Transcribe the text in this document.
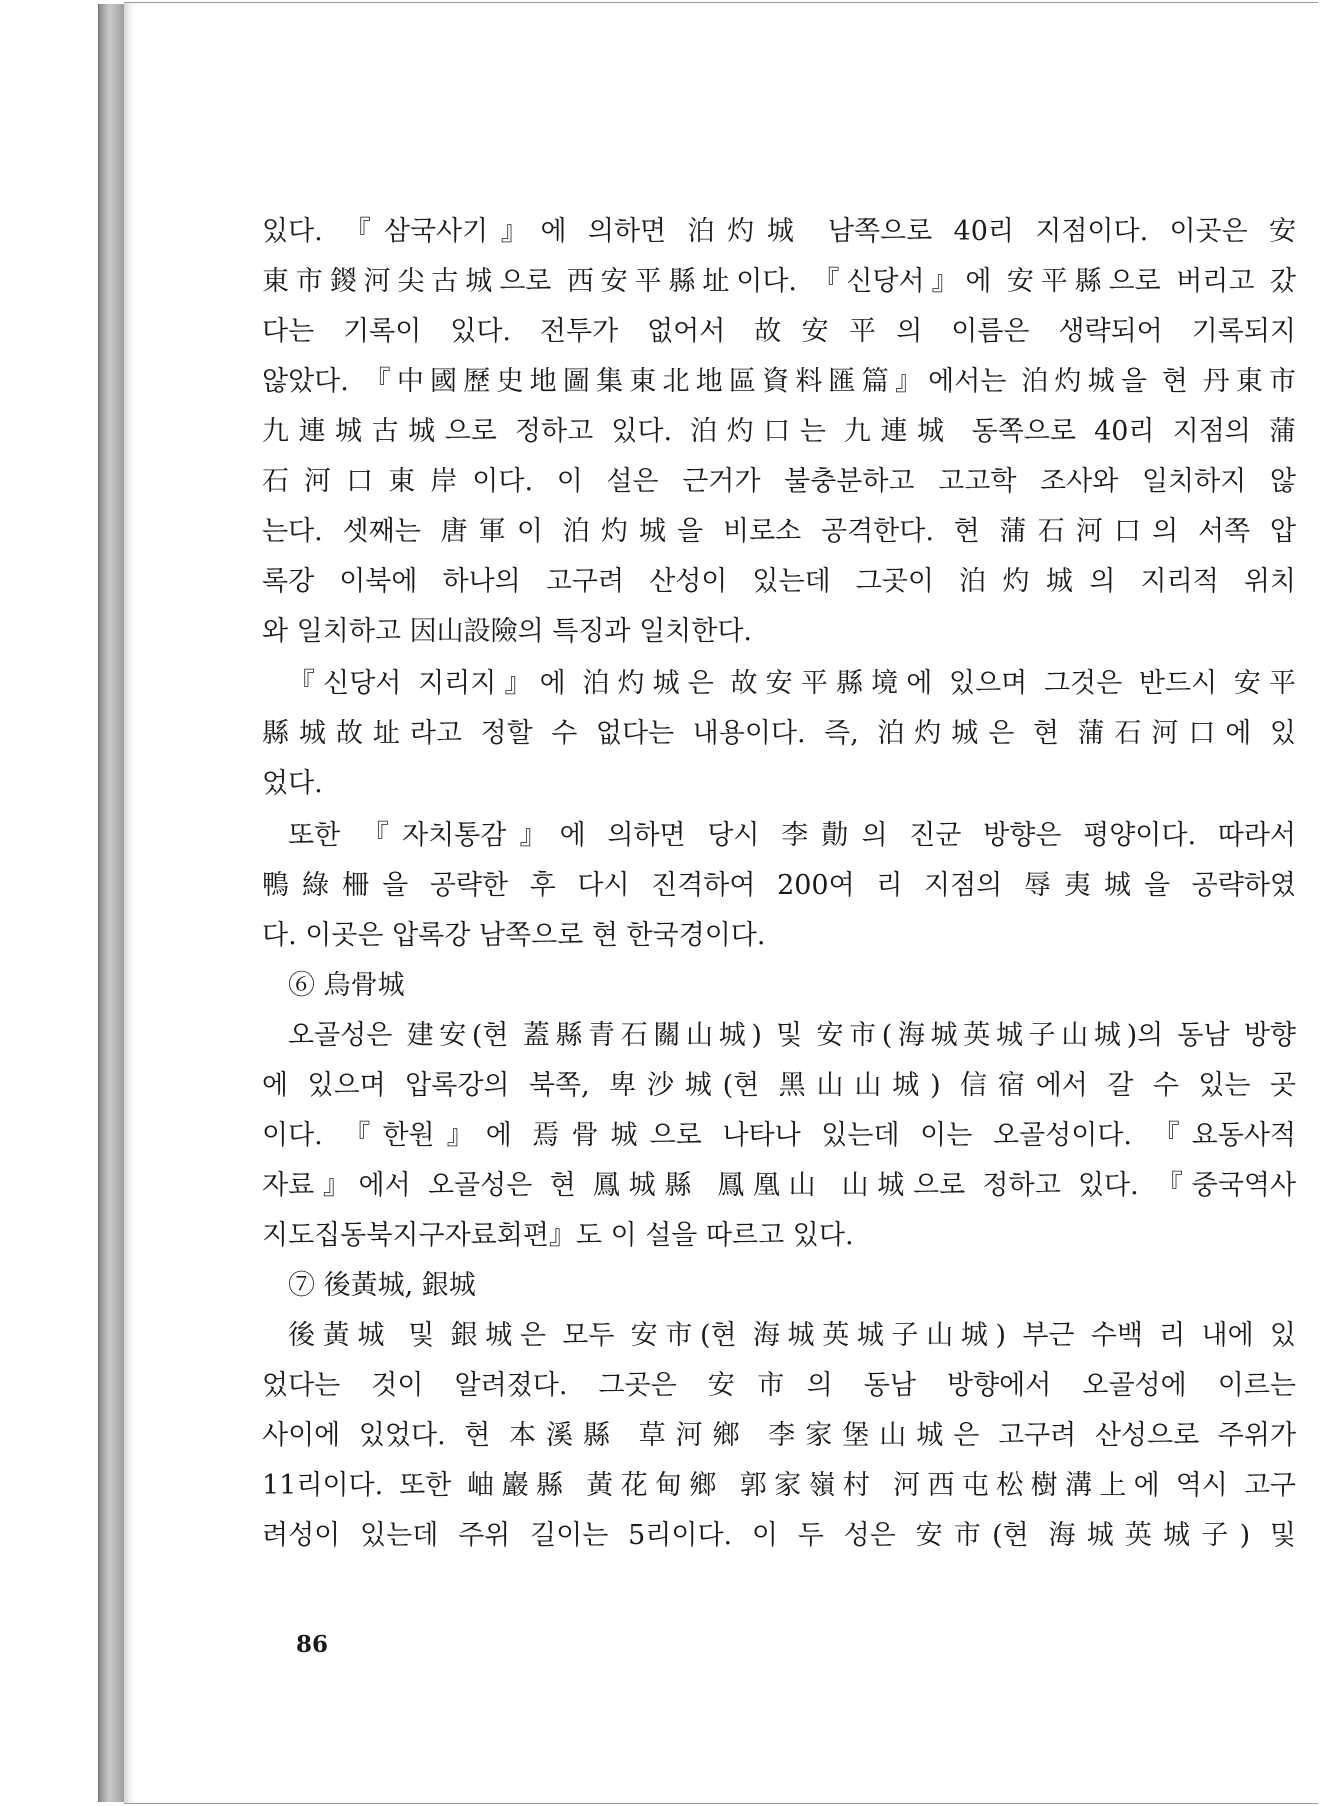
있다. 『삼국사기』에 의하면 泊灼城 남쪽으로 40리 지점이다. 이곳은 安
東市鍐河尖古城으로 西安平縣址이다. 『신당서』에 安平縣으로 버리고 갔
다는 기록이 있다. 전투가 없어서 故安平의 이름은 생략되어 기록되지
않았다. 『中國歷史地圖集東北地區資料匯篇』에서는 泊灼城을 현 丹東市
九連城古城으로 정하고 있다. 泊灼口는 九連城 동쪽으로 40리 지점의 蒲
石河口東岸이다. 이 설은 근거가 불충분하고 고고학 조사와 일치하지 않
는다. 셋째는 唐軍이 泊灼城을 비로소 공격한다. 현 蒲石河口의 서쪽 압
록강 이북에 하나의 고구려 산성이 있는데 그곳이 泊灼城의 지리적 위치
와 일치하고 因山設險의 특징과 일치한다.
『신당서 지리지』에 泊灼城은 故安平縣境에 있으며 그것은 반드시 安平
縣城故址라고 정할 수 없다는 내용이다. 즉, 泊灼城은 현 蒲石河口에 있
었다.
또한 『자치통감』에 의하면 당시 李勣의 진군 방향은 평양이다. 따라서
鴨綠柵을 공략한 후 다시 진격하여 200여 리 지점의 辱夷城을 공략하였
다. 이곳은 압록강 남쪽으로 현 한국경이다.
⑥ 烏骨城
오골성은 建安(현 蓋縣青石關山城) 및 安市(海城英城子山城)의 동남 방향
에 있으며 압록강의 북쪽, 卑沙城(현 黑山山城) 信宿에서 갈 수 있는 곳
이다. 『한원』에 焉骨城으로 나타나 있는데 이는 오골성이다. 『요동사적
자료』에서 오골성은 현 鳳城縣 鳳凰山 山城으로 정하고 있다. 『중국역사
지도집동북지구자료회편』도 이 설을 따르고 있다.
⑦ 後黃城, 銀城
後黃城 및 銀城은 모두 安市(현 海城英城子山城) 부근 수백 리 내에 있
었다는 것이 알려졌다. 그곳은 安市의 동남 방향에서 오골성에 이르는
사이에 있었다. 현 本溪縣 草河鄉 李家堡山城은 고구려 산성으로 주위가
11리이다. 또한 岫巖縣 黃花甸鄉 郭家嶺村 河西屯松樹溝上에 역시 고구
려성이 있는데 주위 길이는 5리이다. 이 두 성은 安市(현 海城英城子) 및
86
